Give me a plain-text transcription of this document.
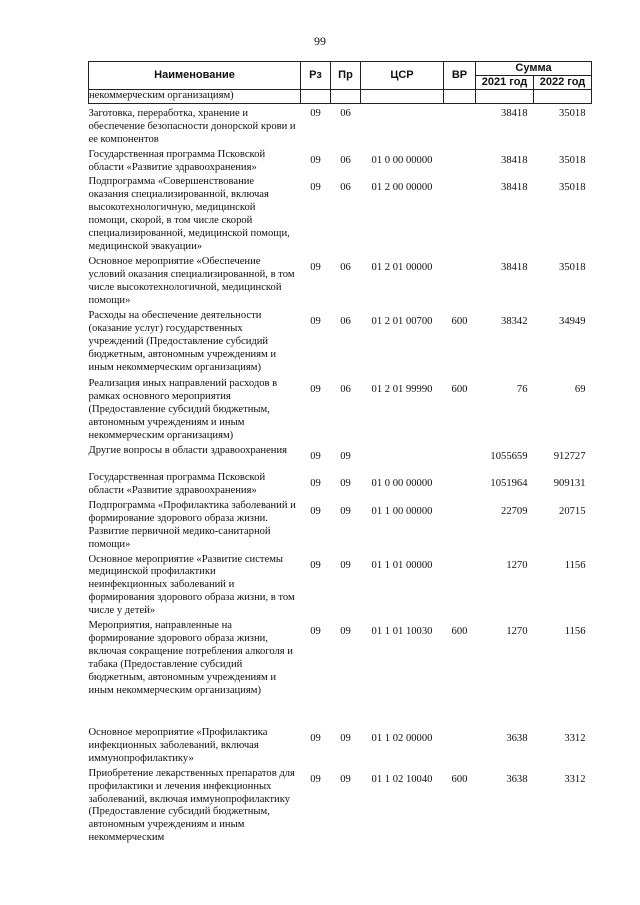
99
Наименование	Рз	Пр	ЦСР	ВР	Сумма	
					2021 год	2022 год
некоммерческим организациям)						
Заготовка, переработка, хранение и обеспечение безопасности донорской крови и ее компонентов	09	06			38418	35018
Государственная программа Псковской области «Развитие здравоохранения»	09	06	01 0 00 00000		38418	35018
Подпрограмма «Совершенствование оказания специализированной, включая высокотехнологичную, медицинской помощи, скорой, в том числе скорой специализированной, медицинской помощи, медицинской эвакуации»	09	06	01 2 00 00000		38418	35018
Основное мероприятие «Обеспечение условий оказания специализированной, в том числе высокотехнологичной, медицинской помощи»	09	06	01 2 01 00000		38418	35018
Расходы на обеспечение деятельности (оказание услуг) государственных учреждений (Предоставление субсидий бюджетным, автономным учреждениям и иным некоммерческим организациям)	09	06	01 2 01 00700	600	38342	34949
Реализация иных направлений расходов в рамках основного мероприятия (Предоставление субсидий бюджетным, автономным учреждениям и иным некоммерческим организациям)	09	06	01 2 01 99990	600	76	69
Другие вопросы в области здравоохранения	09	09			1055659	912727
Государственная программа Псковской области «Развитие здравоохранения»	09	09	01 0 00 00000		1051964	909131
Подпрограмма «Профилактика заболеваний и формирование здорового образа жизни. Развитие первичной медико-санитарной помощи»	09	09	01 1 00 00000		22709	20715
Основное мероприятие «Развитие системы медицинской профилактики неинфекционных заболеваний и формирования здорового образа жизни, в том числе у детей»	09	09	01 1 01 00000		1270	1156
Мероприятия, направленные на формирование здорового образа жизни, включая сокращение потребления алкоголя и табака (Предоставление субсидий бюджетным, автономным учреждениям и иным некоммерческим организациям)	09	09	01 1 01 10030	600	1270	1156
Основное мероприятие «Профилактика инфекционных заболеваний, включая иммунопрофилактику»	09	09	01 1 02 00000		3638	3312
Приобретение лекарственных препаратов для профилактики и лечения инфекционных заболеваний, включая иммунопрофилактику (Предоставление субсидий бюджетным, автономным учреждениям и иным некоммерческим	09	09	01 1 02 10040	600	3638	3312
